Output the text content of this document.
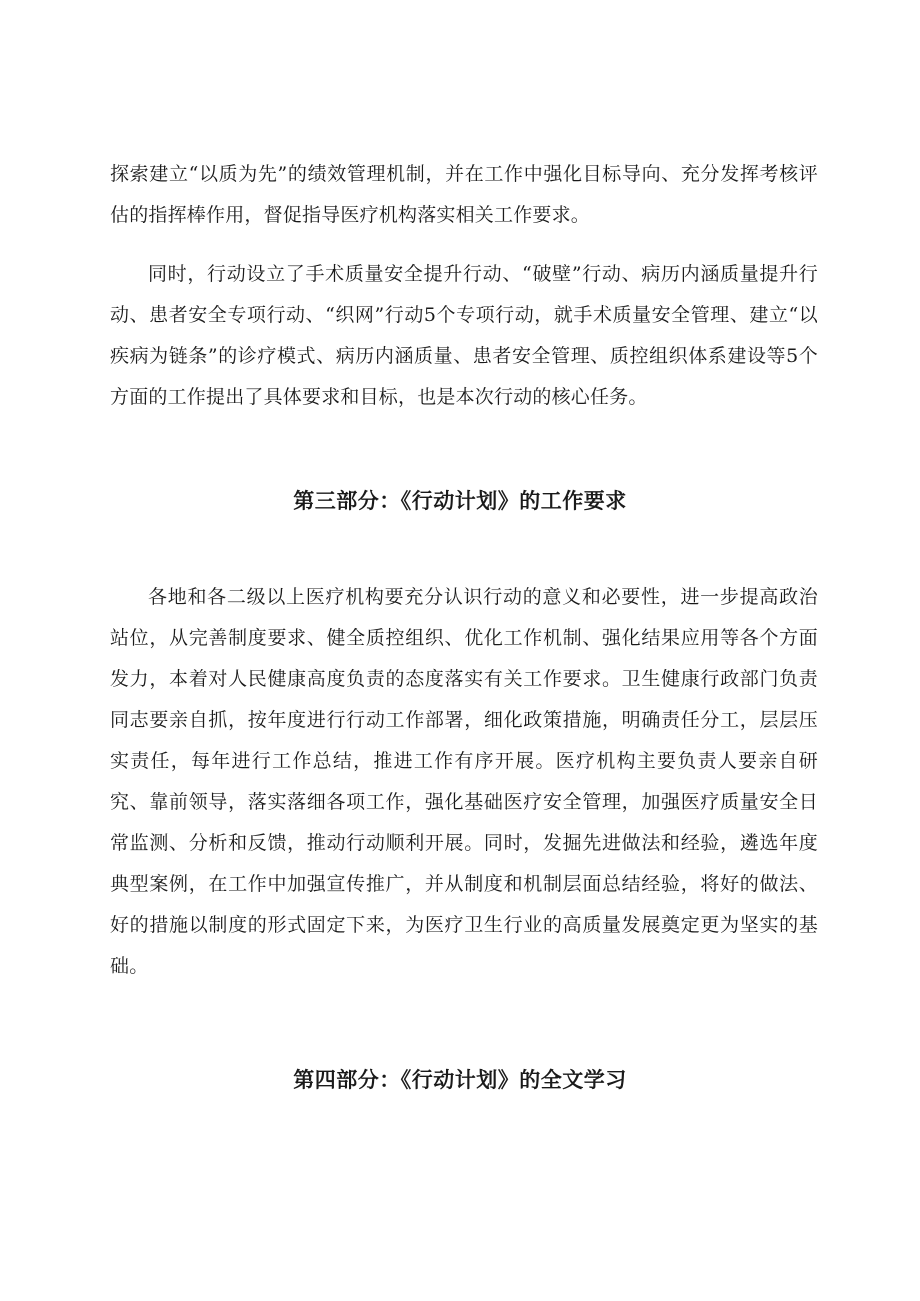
探索建立“以质为先”的绩效管理机制，并在工作中强化目标导向、充分发挥考核评估的指挥棒作用，督促指导医疗机构落实相关工作要求。

同时，行动设立了手术质量安全提升行动、“破壁”行动、病历内涵质量提升行动、患者安全专项行动、“织网”行动5个专项行动，就手术质量安全管理、建立“以疾病为链条”的诊疗模式、病历内涵质量、患者安全管理、质控组织体系建设等5个方面的工作提出了具体要求和目标，也是本次行动的核心任务。

第三部分：《行动计划》的工作要求

各地和各二级以上医疗机构要充分认识行动的意义和必要性，进一步提高政治站位，从完善制度要求、健全质控组织、优化工作机制、强化结果应用等各个方面发力，本着对人民健康高度负责的态度落实有关工作要求。卫生健康行政部门负责同志要亲自抓，按年度进行行动工作部署，细化政策措施，明确责任分工，层层压实责任，每年进行工作总结，推进工作有序开展。医疗机构主要负责人要亲自研究、靠前领导，落实落细各项工作，强化基础医疗安全管理，加强医疗质量安全日常监测、分析和反馈，推动行动顺利开展。同时，发掘先进做法和经验，遴选年度典型案例，在工作中加强宣传推广，并从制度和机制层面总结经验，将好的做法、好的措施以制度的形式固定下来，为医疗卫生行业的高质量发展奠定更为坚实的基础。

第四部分：《行动计划》的全文学习
